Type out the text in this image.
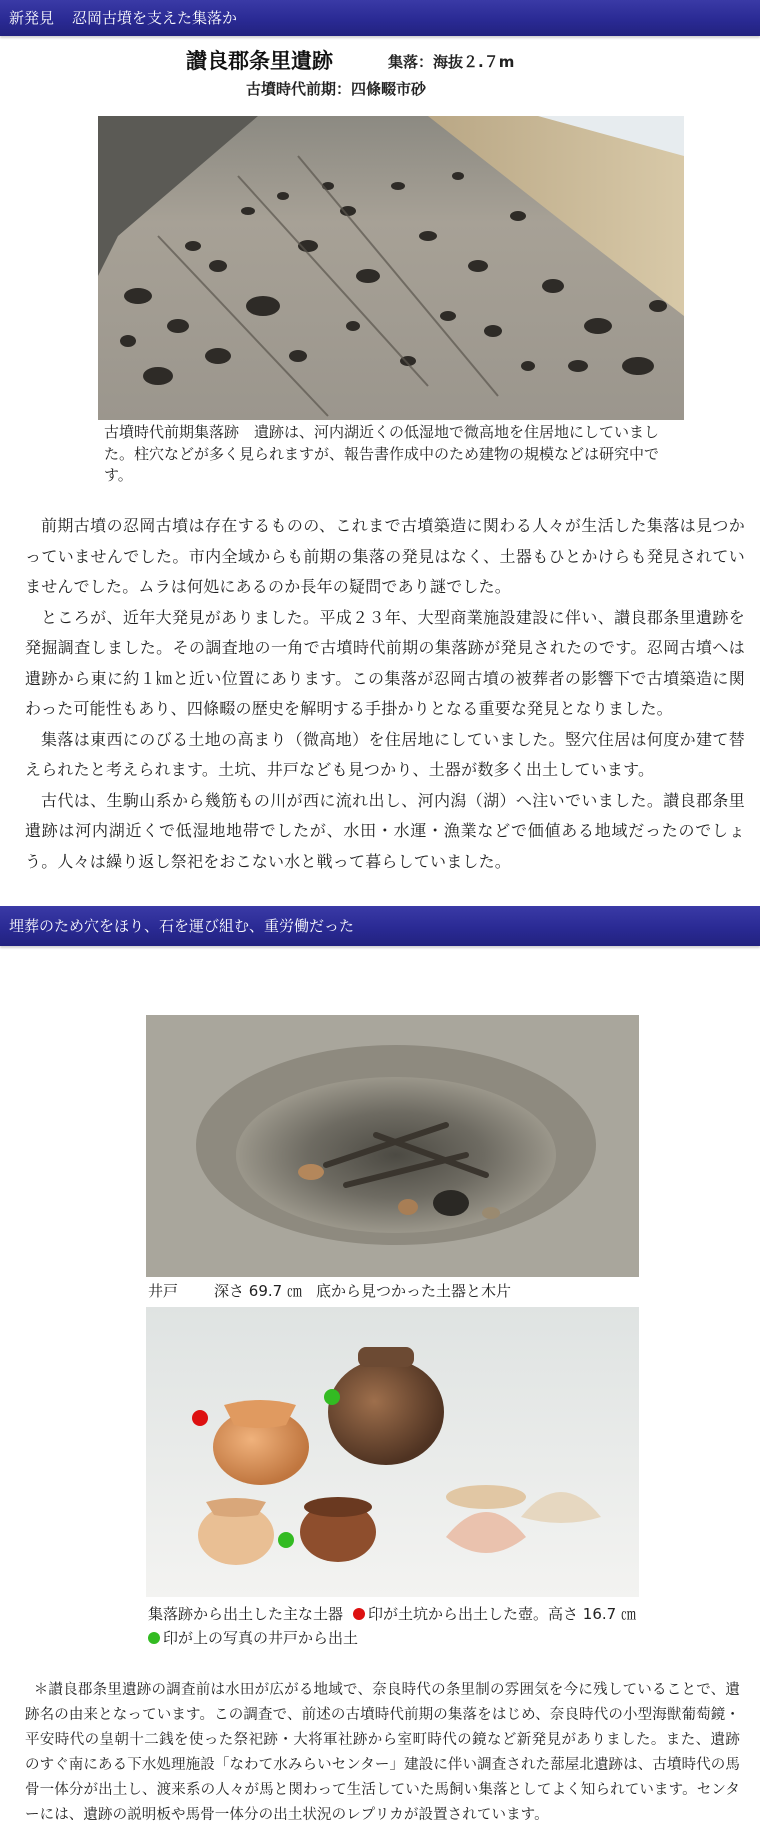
新発見 忍岡古墳を支えた集落か
讃良郡条里遺跡	集落：海抜２.７m
古墳時代前期：四條畷市砂
古墳時代前期集落跡　遺跡は、河内湖近くの低湿地で微高地を住居地にしていました。柱穴などが多く見られますが、報告書作成中のため建物の規模などは研究中です。

前期古墳の忍岡古墳は存在するものの、これまで古墳築造に関わる人々が生活した集落は見つかっていませんでした。市内全域からも前期の集落の発見はなく、土器もひとかけらも発見されていませんでした。ムラは何処にあるのか長年の疑問であり謎でした。

ところが、近年大発見がありました。平成２３年、大型商業施設建設に伴い、讃良郡条里遺跡を発掘調査しました。その調査地の一角で古墳時代前期の集落跡が発見されたのです。忍岡古墳へは遺跡から東に約１㎞と近い位置にあります。この集落が忍岡古墳の被葬者の影響下で古墳築造に関わった可能性もあり、四條畷の歴史を解明する手掛かりとなる重要な発見となりました。

集落は東西にのびる土地の高まり（微高地）を住居地にしていました。竪穴住居は何度か建て替えられたと考えられます。土坑、井戸なども見つかり、土器が数多く出土しています。

古代は、生駒山系から幾筋もの川が西に流れ出し、河内潟（湖）へ注いでいました。讃良郡条里遺跡は河内湖近くで低湿地地帯でしたが、水田・水運・漁業などで価値ある地域だったのでしょう。人々は繰り返し祭祀をおこない水と戦って暮らしていました。

埋葬のため穴をほり、石を運び組む、重労働だった
井戸 深さ 69.7 ㎝ 底から見つかった土器と木片
集落跡から出土した主な土器 印が土坑から出土した壺。高さ 16.7 ㎝
印が上の写真の井戸から出土
＊讃良郡条里遺跡の調査前は水田が広がる地域で、奈良時代の条里制の雰囲気を今に残していることで、遺跡名の由来となっています。この調査で、前述の古墳時代前期の集落をはじめ、奈良時代の小型海獣葡萄鏡・平安時代の皇朝十二銭を使った祭祀跡・大将軍社跡から室町時代の鏡など新発見がありました。また、遺跡のすぐ南にある下水処理施設「なわて水みらいセンター」建設に伴い調査された蔀屋北遺跡は、古墳時代の馬骨一体分が出土し、渡来系の人々が馬と関わって生活していた馬飼い集落としてよく知られています。センターには、遺跡の説明板や馬骨一体分の出土状況のレプリカが設置されています。
